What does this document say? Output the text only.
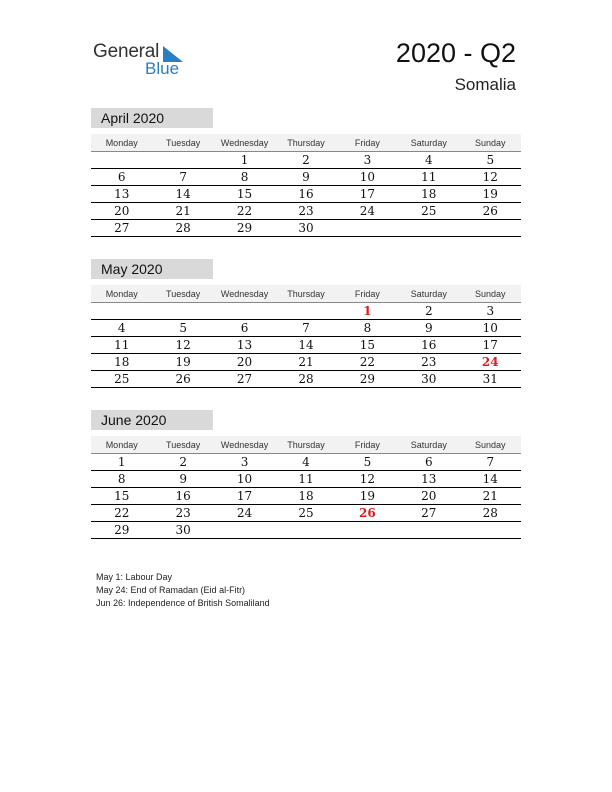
General
Blue
2020 - Q2
Somalia
April 2020
Monday	Tuesday	Wednesday	Thursday	Friday	Saturday	Sunday
		1	2	3	4	5
6	7	8	9	10	11	12
13	14	15	16	17	18	19
20	21	22	23	24	25	26
27	28	29	30			
May 2020
Monday	Tuesday	Wednesday	Thursday	Friday	Saturday	Sunday
				1	2	3
4	5	6	7	8	9	10
11	12	13	14	15	16	17
18	19	20	21	22	23	24
25	26	27	28	29	30	31
June 2020
Monday	Tuesday	Wednesday	Thursday	Friday	Saturday	Sunday
1	2	3	4	5	6	7
8	9	10	11	12	13	14
15	16	17	18	19	20	21
22	23	24	25	26	27	28
29	30					
May 1: Labour Day
May 24: End of Ramadan (Eid al-Fitr)
Jun 26: Independence of British Somaliland
